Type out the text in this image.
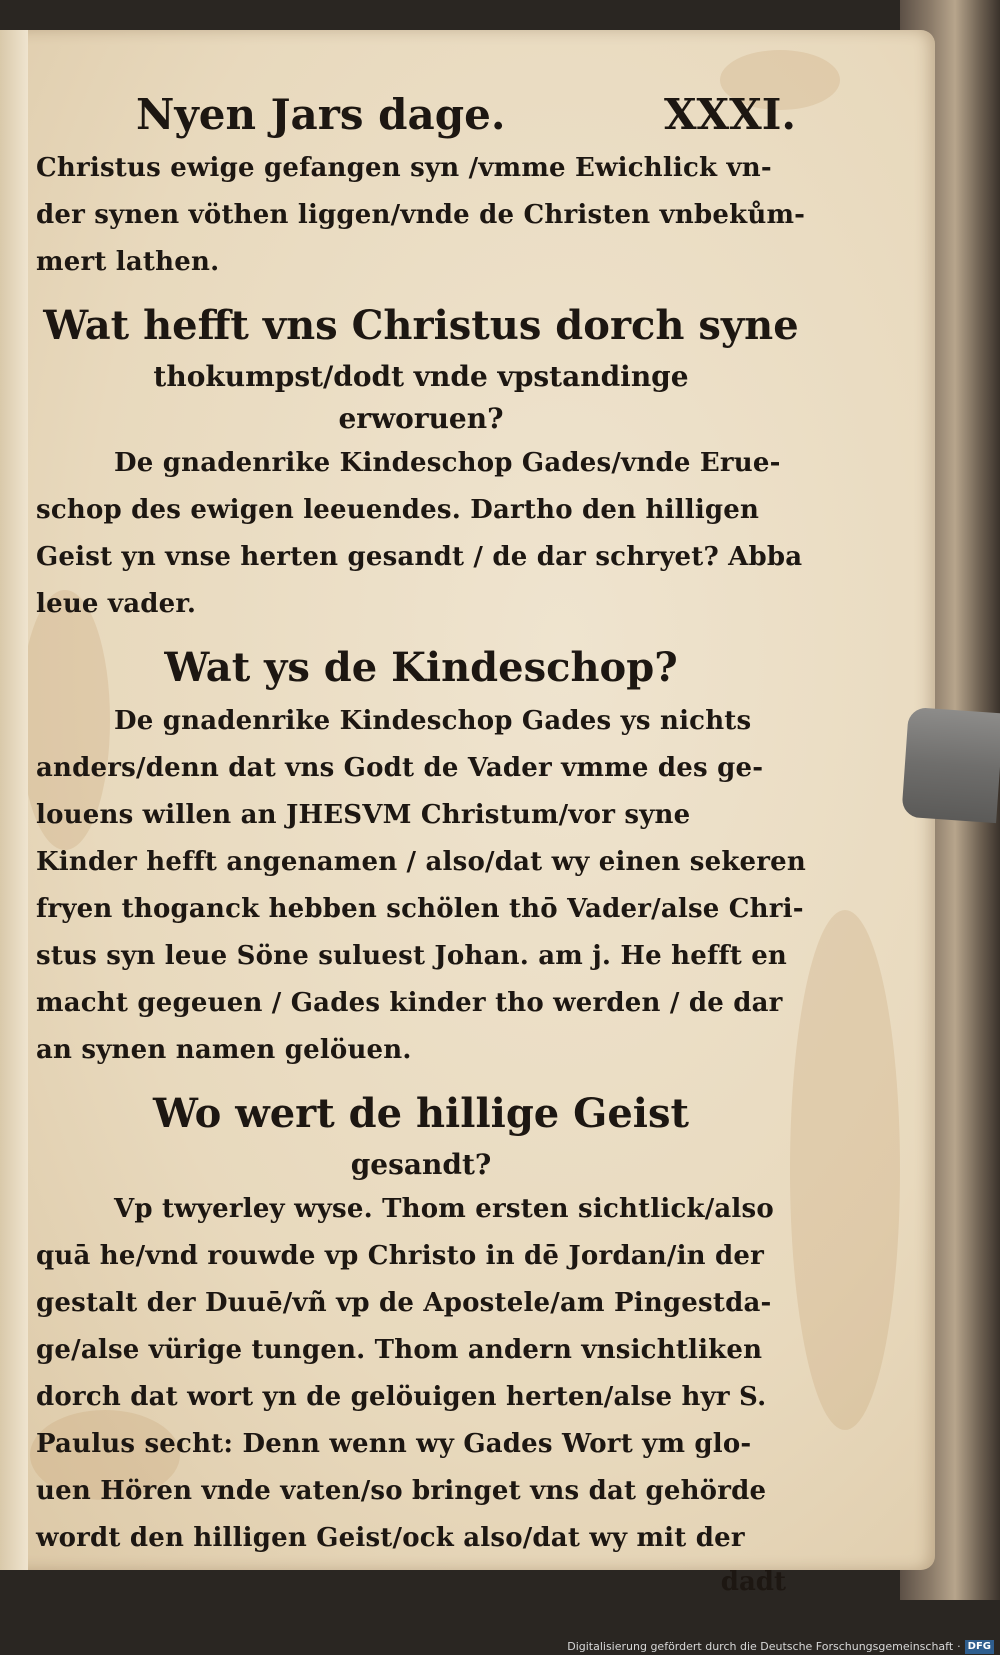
Nyen Jars dage.	XXXI.
Christus ewige gefangen syn /vmme Ewichlick vn-
der synen vöthen liggen/vnde de Christen vnbekům-
mert lathen.
Wat hefft vns Christus dorch syne
thokumpst/dodt vnde vpstandinge
erworuen?
De gnadenrike Kindeschop Gades/vnde Erue-
schop des ewigen leeuendes. Dartho den hilligen
Geist yn vnse herten gesandt / de dar schryet? Abba
leue vader.
Wat ys de Kindeschop?
De gnadenrike Kindeschop Gades ys nichts
anders/denn dat vns Godt de Vader vmme des ge-
louens willen an JHESVM Christum/vor syne
Kinder hefft angenamen / also/dat wy einen sekeren
fryen thoganck hebben schölen thō Vader/alse Chri-
stus syn leue Söne suluest Johan. am j. He hefft en
macht gegeuen / Gades kinder tho werden / de dar
an synen namen gelöuen.
Wo wert de hillige Geist
gesandt?
Vp twyerley wyse. Thom ersten sichtlick/also
quā he/vnd rouwde vp Christo in dē Jordan/in der
gestalt der Duuē/vñ vp de Apostele/am Pingestda-
ge/alse vürige tungen. Thom andern vnsichtliken
dorch dat wort yn de gelöuigen herten/alse hyr S.
Paulus secht: Denn wenn wy Gades Wort ym glo-
uen Hören vnde vaten/so bringet vns dat gehörde
wordt den hilligen Geist/ock also/dat wy mit der
dadt
Digitalisierung gefördert durch die Deutsche Forschungsgemeinschaft · DFG
